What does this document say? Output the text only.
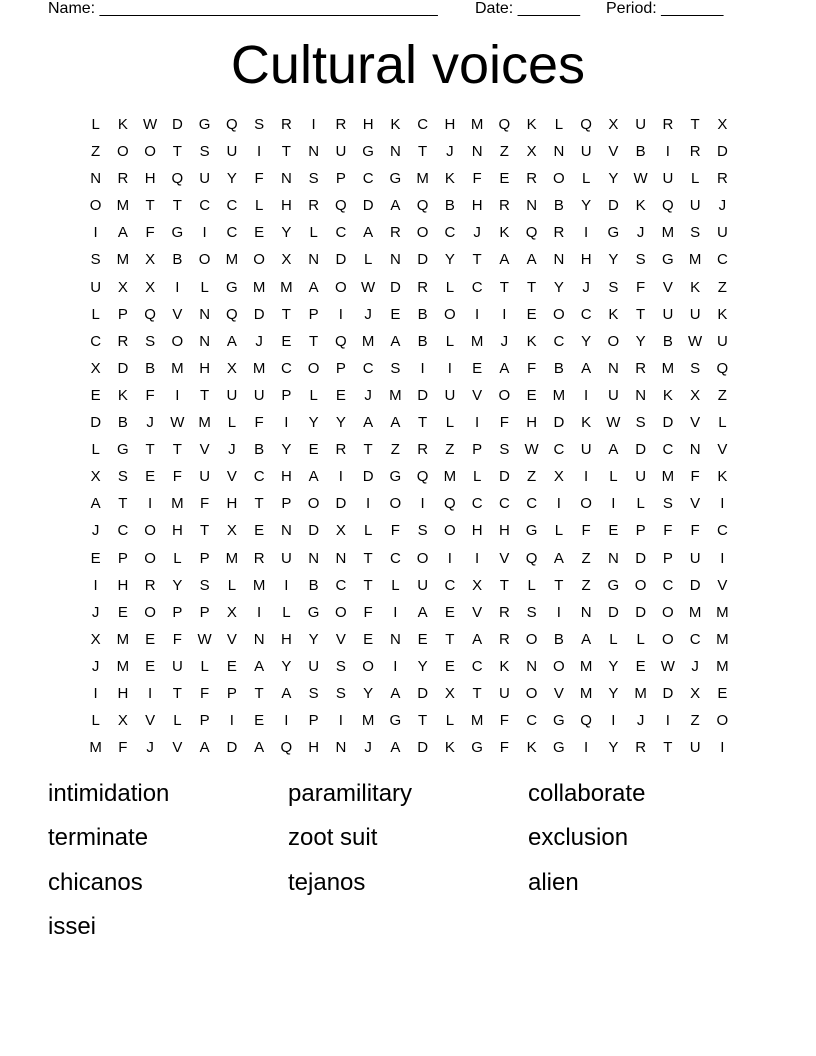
Name: ______________________________________ Date: _______ Period: _______
Cultural voices
L	K	W D	G	Q	S	R	I	R	H	K	C	H	M	Q	K	L	Q	X	U	R	T	X
Z	O	O	T	S	U	I	T	N	U	G	N	T	J	N	Z	X	N	U	V	B	I	R	D
N	R	H	Q	U	Y	F	N	S	P	C	G	M	K	F	E	R	O	L	Y	W U	L	R
O	M	T	T	C	C	L	H	R	Q	D	A	Q	B	H	R	N	B	Y	D	K	Q	U	J
I	A	F	G	I	C	E	Y	L	C	A	R	O	C	J	K	Q	R	I	G	J	M	S	U
S	M	X	B	O	M	O	X	N	D	L	N	D	Y	T	A	A	N	H	Y	S	G	M	C
U	X	X	I	L	G	M M	A	O W D	R	L	C	T	T	Y	J	S	F	V	K	Z
L	P	Q	V	N	Q	D	T	P	I	J	E	B	O	I	I	E	O	C	K	T	U	U	K
C	R	S	O	N	A	J	E	T	Q	M	A	B	L	M	J	K	C	Y	O	Y	B	W U
X	D	B	M	H	X	M	C	O	P	C	S	I	I	E	A	F	B	A	N	R	M	S	Q
E	K	F	I	T	U	U	P	L	E	J	M	D	U	V	O	E	M	I	U	N	K	X	Z
D	B	J	W M	L	F	I	Y	Y	A	A	T	L	I	F	H	D	K	W	S	D	V	L
L	G	T	T	V	J	B	Y	E	R	T	Z	R	Z	P	S	W C	U	A	D	C	N	V
X	S	E	F	U	V	C	H	A	I	D	G	Q	M	L	D	Z	X	I	L	U	M	F	K
A	T	I	M	F	H	T	P	O	D	I	O	I	Q	C	C	C	I	O	I	L	S	V	I
J	C	O	H	T	X	E	N	D	X	L	F	S	O	H	H	G	L	F	E	P	F	F	C
E	P	O	L	P	M	R	U	N	N	T	C	O	I	I	V	Q	A	Z	N	D	P	U	I
I	H	R	Y	S	L	M	I	B	C	T	L	U	C	X	T	L	T	Z	G	O	C	D	V
J	E	O	P	P	X	I	L	G	O	F	I	A	E	V	R	S	I	N	D	D	O	M M
X	M	E	F	W	V	N	H	Y	V	E	N	E	T	A	R	O	B	A	L	L	O	C	M
J	M	E	U	L	E	A	Y	U	S	O	I	Y	E	C	K	N	O	M	Y	E	W	J	M
I	H	I	T	F	P	T	A	S	S	Y	A	D	X	T	U	O	V	M	Y	M	D	X	E
L	X	V	L	P	I	E	I	P	I	M	G	T	L	M	F	C	G	Q	I	J	I	Z	O
M	F	J	V	A	D	A	Q	H	N	J	A	D	K	G	F	K	G	I	Y	R	T	U	I
intimidation	paramilitary	collaborate
terminate	zoot suit	exclusion
chicanos	tejanos	alien
issei
